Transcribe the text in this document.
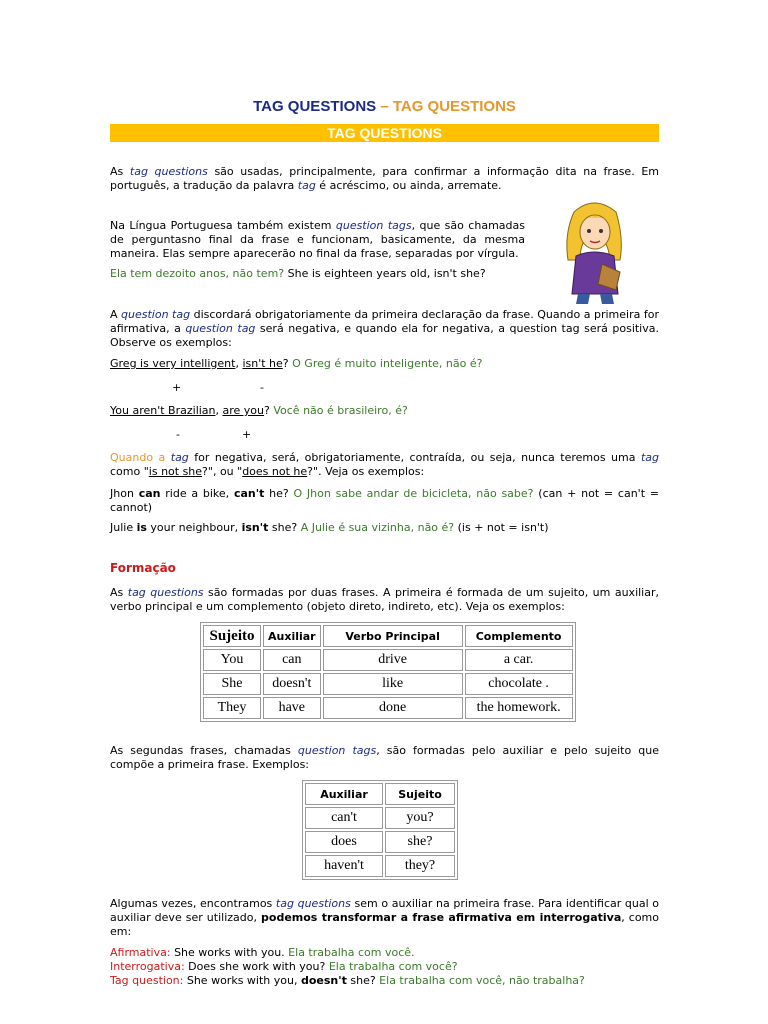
TAG QUESTIONS – TAG QUESTIONS
TAG QUESTIONS

As tag questions são usadas, principalmente, para confirmar a informação dita na frase. Em português, a tradução da palavra tag é acréscimo, ou ainda, arremate.

Na Língua Portuguesa também existem question tags, que são chamadas de perguntasno final da frase e funcionam, basicamente, da mesma maneira. Elas sempre aparecerão no final da frase, separadas por vírgula.

Ela tem dezoito anos, não tem? She is eighteen years old, isn't she?

A question tag discordará obrigatoriamente da primeira declaração da frase. Quando a primeira for afirmativa, a question tag será negativa, e quando ela for negativa, a question tag será positiva. Observe os exemplos:

Greg is very intelligent, isn't he? O Greg é muito inteligente, não é?

+	-

You aren't Brazilian, are you? Você não é brasileiro, é?

-	+

Quando a tag for negativa, será, obrigatoriamente, contraída, ou seja, nunca teremos uma tag como "is not she?", ou "does not he?". Veja os exemplos:

Jhon can ride a bike, can't he? O Jhon sabe andar de bicicleta, não sabe? (can + not = can't = cannot)

Julie is your neighbour, isn't she? A Julie é sua vizinha, não é? (is + not = isn't)

Formação

As tag questions são formadas por duas frases. A primeira é formada de um sujeito, um auxiliar, verbo principal e um complemento (objeto direto, indireto, etc). Veja os exemplos:

Sujeito	Auxiliar	Verbo Principal	Complemento
You	can	drive	a car.
She	doesn't	like	chocolate .
They	have	done	the homework.

As segundas frases, chamadas question tags, são formadas pelo auxiliar e pelo sujeito que compõe a primeira frase. Exemplos:

Auxiliar	Sujeito
can't	you?
does	she?
haven't	they?

Algumas vezes, encontramos tag questions sem o auxiliar na primeira frase. Para identificar qual o auxiliar deve ser utilizado, podemos transformar a frase afirmativa em interrogativa, como em:

Afirmativa: She works with you. Ela trabalha com você.

Interrogativa: Does she work with you? Ela trabalha com você?

Tag question: She works with you, doesn't she? Ela trabalha com você, não trabalha?
